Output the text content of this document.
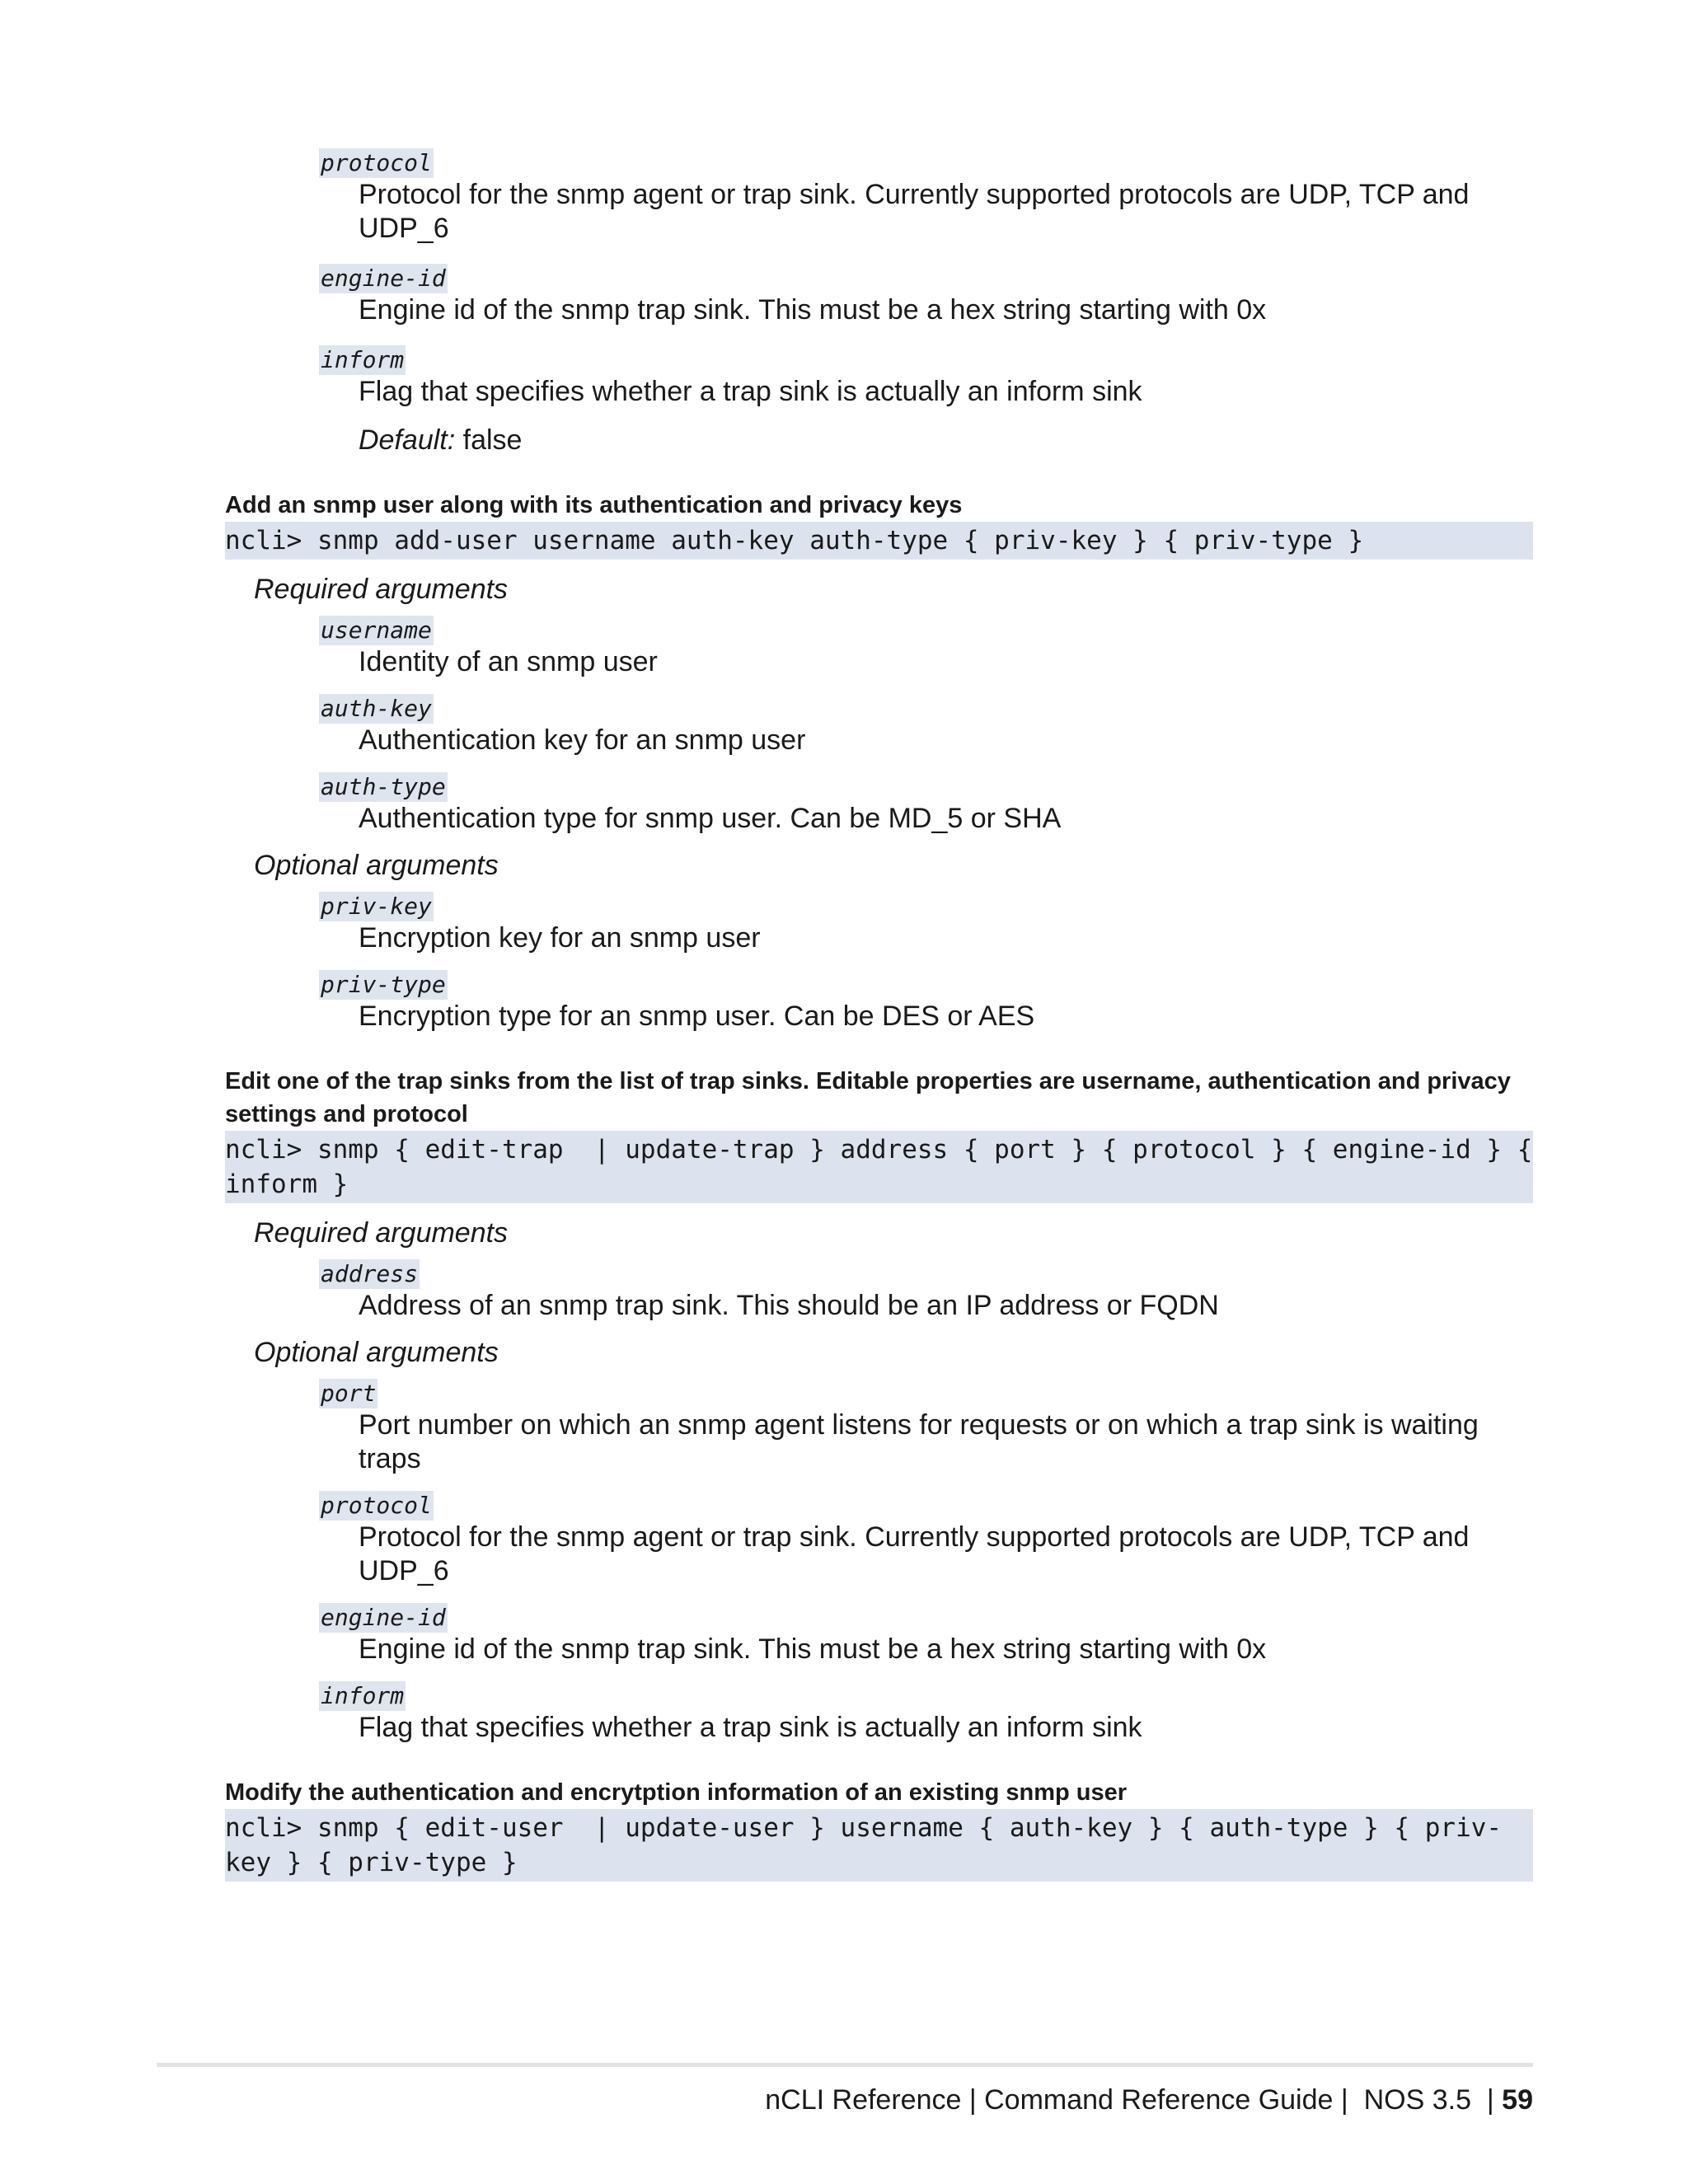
protocol
Protocol for the snmp agent or trap sink. Currently supported protocols are UDP, TCP and UDP_6
engine-id
Engine id of the snmp trap sink. This must be a hex string starting with 0x
inform
Flag that specifies whether a trap sink is actually an inform sink
Default: false
Add an snmp user along with its authentication and privacy keys
ncli> snmp add-user username auth-key auth-type { priv-key } { priv-type }
Required arguments
username
Identity of an snmp user
auth-key
Authentication key for an snmp user
auth-type
Authentication type for snmp user. Can be MD_5 or SHA
Optional arguments
priv-key
Encryption key for an snmp user
priv-type
Encryption type for an snmp user. Can be DES or AES
Edit one of the trap sinks from the list of trap sinks. Editable properties are username, authentication and privacy settings and protocol
ncli> snmp { edit-trap  | update-trap } address { port } { protocol } { engine-id } { inform }
Required arguments
address
Address of an snmp trap sink. This should be an IP address or FQDN
Optional arguments
port
Port number on which an snmp agent listens for requests or on which a trap sink is waiting traps
protocol
Protocol for the snmp agent or trap sink. Currently supported protocols are UDP, TCP and UDP_6
engine-id
Engine id of the snmp trap sink. This must be a hex string starting with 0x
inform
Flag that specifies whether a trap sink is actually an inform sink
Modify the authentication and encrytption information of an existing snmp user
ncli> snmp { edit-user  | update-user } username { auth-key } { auth-type } { priv-key } { priv-type }
nCLI Reference | Command Reference Guide |  NOS 3.5  | 59
